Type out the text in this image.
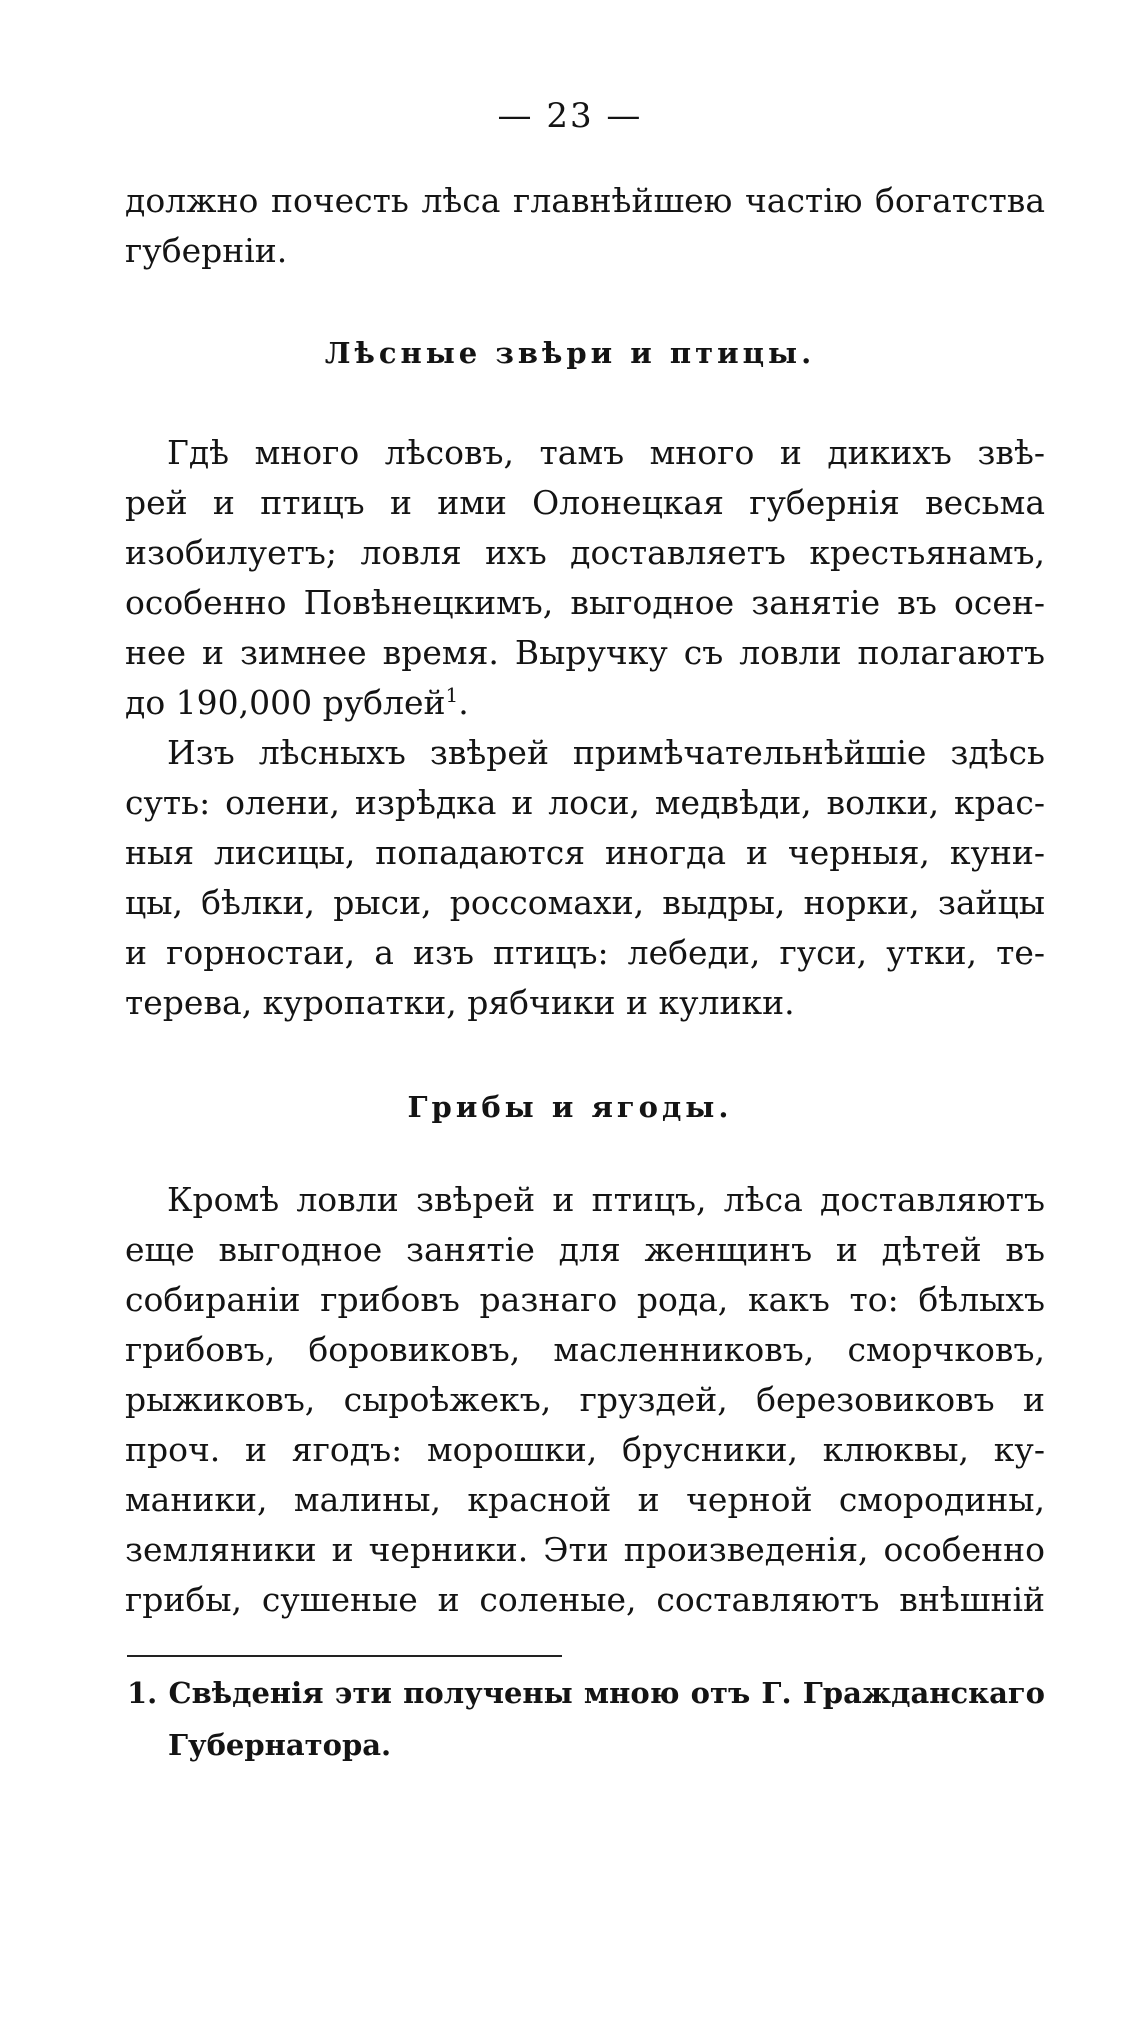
— 23 —
должно почесть лѣса главнѣйшею частію богатства
губерніи.
Лѣсные звѣри и птицы.
Гдѣ много лѣсовъ, тамъ много и дикихъ звѣ-
рей и птицъ и ими Олонецкая губернія весьма
изобилуетъ; ловля ихъ доставляетъ крестьянамъ,
особенно Повѣнецкимъ, выгодное занятіе въ осен-
нее и зимнее время. Выручку съ ловли полагаютъ
до 190,000 рублей$^1$.
Изъ лѣсныхъ звѣрей примѣчательнѣйшіе здѣсь
суть: олени, изрѣдка и лоси, медвѣди, волки, крас-
ныя лисицы, попадаются иногда и черныя, куни-
цы, бѣлки, рыси, россомахи, выдры, норки, зайцы
и горностаи, а изъ птицъ: лебеди, гуси, утки, те-
терева, куропатки, рябчики и кулики.
Грибы и ягоды.
Кромѣ ловли звѣрей и птицъ, лѣса доставляютъ
еще выгодное занятіе для женщинъ и дѣтей въ
собираніи грибовъ разнаго рода, какъ то: бѣлыхъ
грибовъ, боровиковъ, масленниковъ, сморчковъ,
рыжиковъ, сыроѣжекъ, груздей, березовиковъ и
проч. и ягодъ: морошки, брусники, клюквы, ку-
маники, малины, красной и черной смородины,
земляники и черники. Эти произведенія, особенно
грибы, сушеные и соленые, составляютъ внѣшній
1. Свѣденія эти получены мною отъ Г. Гражданскаго
Губернатора.
